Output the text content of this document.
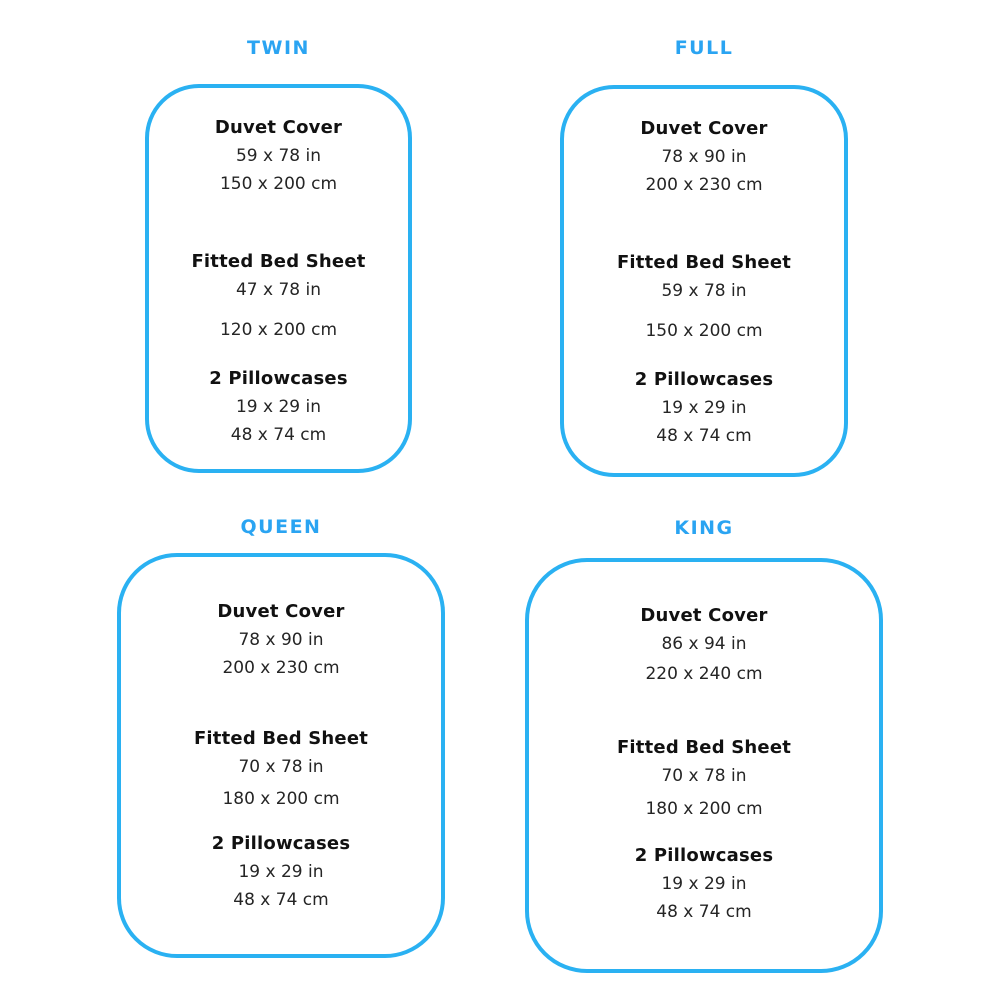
TWIN
Duvet Cover

59 x 78 in

150 x 200 cm

Fitted Bed Sheet

47 x 78 in

120 x 200 cm

2 Pillowcases

19 x 29 in

48 x 74 cm

FULL
Duvet Cover

78 x 90 in

200 x 230 cm

Fitted Bed Sheet

59 x 78 in

150 x 200 cm

2 Pillowcases

19 x 29 in

48 x 74 cm

QUEEN
Duvet Cover

78 x 90 in

200 x 230 cm

Fitted Bed Sheet

70 x 78 in

180 x 200 cm

2 Pillowcases

19 x 29 in

48 x 74 cm

KING
Duvet Cover

86 x 94 in

220 x 240 cm

Fitted Bed Sheet

70 x 78 in

180 x 200 cm

2 Pillowcases

19 x 29 in

48 x 74 cm
